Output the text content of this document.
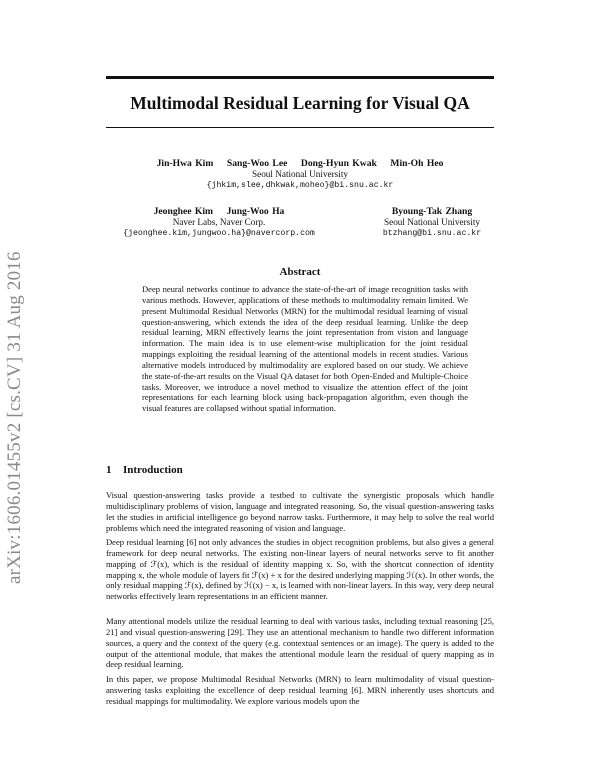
arXiv:1606.01455v2 [cs.CV] 31 Aug 2016
Multimodal Residual Learning for Visual QA
Jin-Hwa Kim    Sang-Woo Lee    Dong-Hyun Kwak    Min-Oh Heo
Seoul National University
{jhkim,slee,dhkwak,moheo}@bi.snu.ac.kr
Jeonghee Kim    Jung-Woo Ha
Naver Labs, Naver Corp.
{jeonghee.kim,jungwoo.ha}@navercorp.com
Byoung-Tak Zhang
Seoul National University
btzhang@bi.snu.ac.kr
Abstract
Deep neural networks continue to advance the state-of-the-art of image recognition tasks with various methods. However, applications of these methods to multimodality remain limited. We present Multimodal Residual Networks (MRN) for the multimodal residual learning of visual question-answering, which extends the idea of the deep residual learning. Unlike the deep residual learning, MRN effectively learns the joint representation from vision and language information. The main idea is to use element-wise multiplication for the joint residual mappings exploiting the residual learning of the attentional models in recent studies. Various alternative models introduced by multimodality are explored based on our study. We achieve the state-of-the-art results on the Visual QA dataset for both Open-Ended and Multiple-Choice tasks. Moreover, we introduce a novel method to visualize the attention effect of the joint representations for each learning block using back-propagation algorithm, even though the visual features are collapsed without spatial information.
1 Introduction
Visual question-answering tasks provide a testbed to cultivate the synergistic proposals which handle multidisciplinary problems of vision, language and integrated reasoning. So, the visual question-answering tasks let the studies in artificial intelligence go beyond narrow tasks. Furthermore, it may help to solve the real world problems which need the integrated reasoning of vision and language.
Deep residual learning [6] not only advances the studies in object recognition problems, but also gives a general framework for deep neural networks. The existing non-linear layers of neural networks serve to fit another mapping of ℱ(x), which is the residual of identity mapping x. So, with the shortcut connection of identity mapping x, the whole module of layers fit ℱ(x) + x for the desired underlying mapping ℋ(x). In other words, the only residual mapping ℱ(x), defined by ℋ(x) − x, is learned with non-linear layers. In this way, very deep neural networks effectively learn representations in an efficient manner.
Many attentional models utilize the residual learning to deal with various tasks, including textual reasoning [25, 21] and visual question-answering [29]. They use an attentional mechanism to handle two different information sources, a query and the context of the query (e.g. contextual sentences or an image). The query is added to the output of the attentional module, that makes the attentional module learn the residual of query mapping as in deep residual learning.
In this paper, we propose Multimodal Residual Networks (MRN) to learn multimodality of visual question-answering tasks exploiting the excellence of deep residual learning [6]. MRN inherently uses shortcuts and residual mappings for multimodality. We explore various models upon the
